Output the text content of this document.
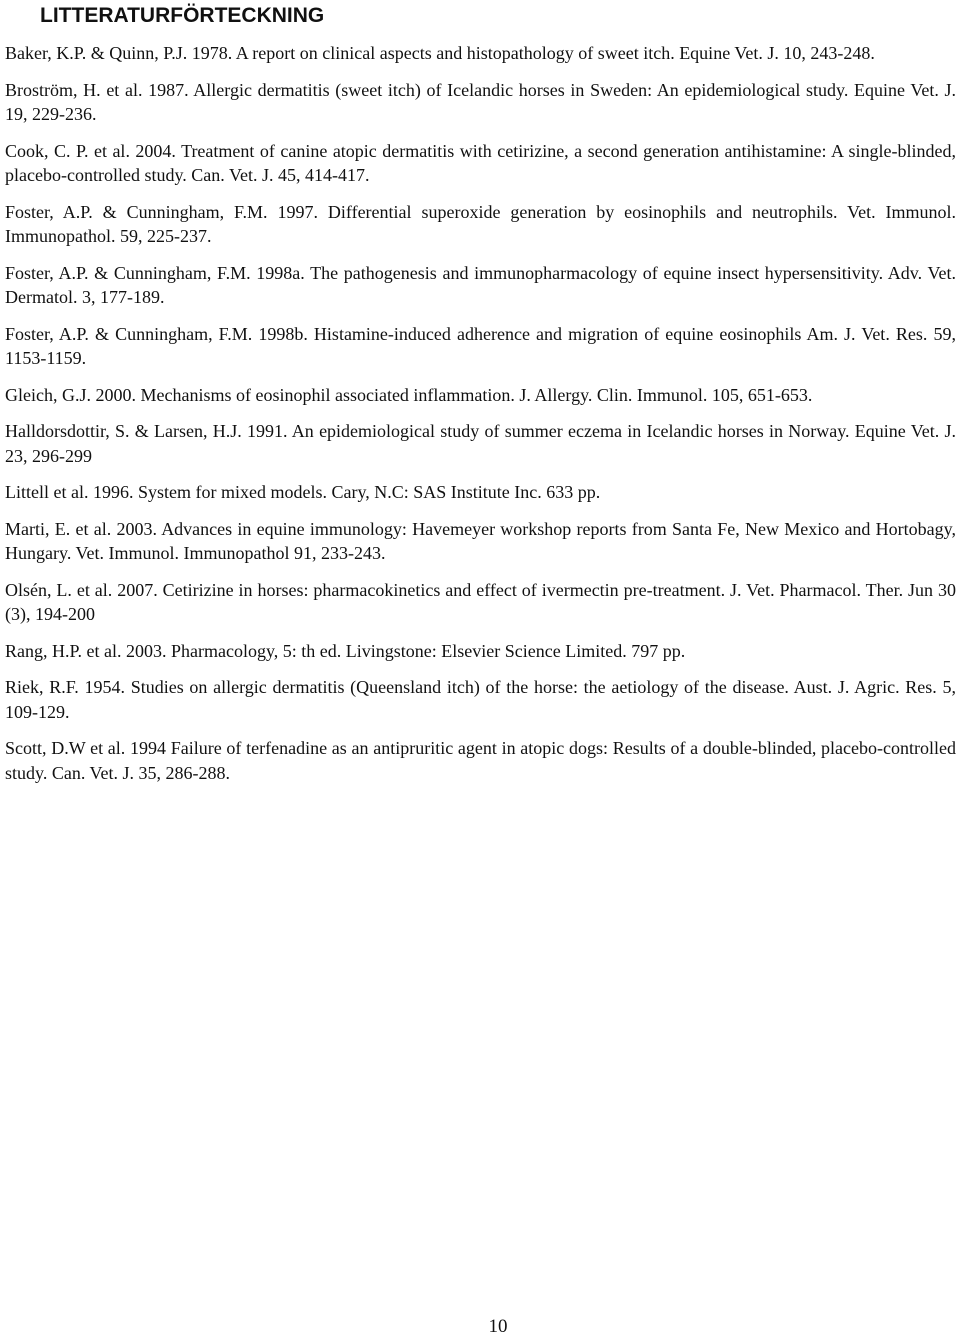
LITTERATURFÖRTECKNING
Baker, K.P. & Quinn, P.J. 1978. A report on clinical aspects and histopathology of sweet itch. Equine Vet. J. 10, 243-248.
Broström, H. et al. 1987. Allergic dermatitis (sweet itch) of Icelandic horses in Sweden: An epidemiological study. Equine Vet. J. 19, 229-236.
Cook, C. P. et al. 2004. Treatment of canine atopic dermatitis with cetirizine, a second generation antihistamine: A single-blinded, placebo-controlled study. Can. Vet. J. 45, 414-417.
Foster, A.P. & Cunningham, F.M. 1997. Differential superoxide generation by eosinophils and neutrophils. Vet. Immunol. Immunopathol. 59, 225-237.
Foster, A.P. & Cunningham, F.M. 1998a. The pathogenesis and immunopharmacology of equine insect hypersensitivity. Adv. Vet. Dermatol. 3, 177-189.
Foster, A.P. & Cunningham, F.M. 1998b. Histamine-induced adherence and migration of equine eosinophils Am. J. Vet. Res. 59, 1153-1159.
Gleich, G.J. 2000. Mechanisms of eosinophil associated inflammation. J. Allergy. Clin. Immunol. 105, 651-653.
Halldorsdottir, S. & Larsen, H.J. 1991. An epidemiological study of summer eczema in Icelandic horses in Norway. Equine Vet. J. 23, 296-299
Littell et al. 1996. System for mixed models. Cary, N.C: SAS Institute Inc. 633 pp.
Marti, E. et al. 2003. Advances in equine immunology: Havemeyer workshop reports from Santa Fe, New Mexico and Hortobagy, Hungary. Vet. Immunol. Immunopathol 91, 233-243.
Olsén, L. et al. 2007. Cetirizine in horses: pharmacokinetics and effect of ivermectin pre-treatment. J. Vet. Pharmacol. Ther. Jun 30 (3), 194-200
Rang, H.P. et al. 2003. Pharmacology, 5: th ed. Livingstone: Elsevier Science Limited. 797 pp.
Riek, R.F. 1954. Studies on allergic dermatitis (Queensland itch) of the horse: the aetiology of the disease. Aust. J. Agric. Res. 5, 109-129.
Scott, D.W et al. 1994 Failure of terfenadine as an antipruritic agent in atopic dogs: Results of a double-blinded, placebo-controlled study. Can. Vet. J. 35, 286-288.
10
